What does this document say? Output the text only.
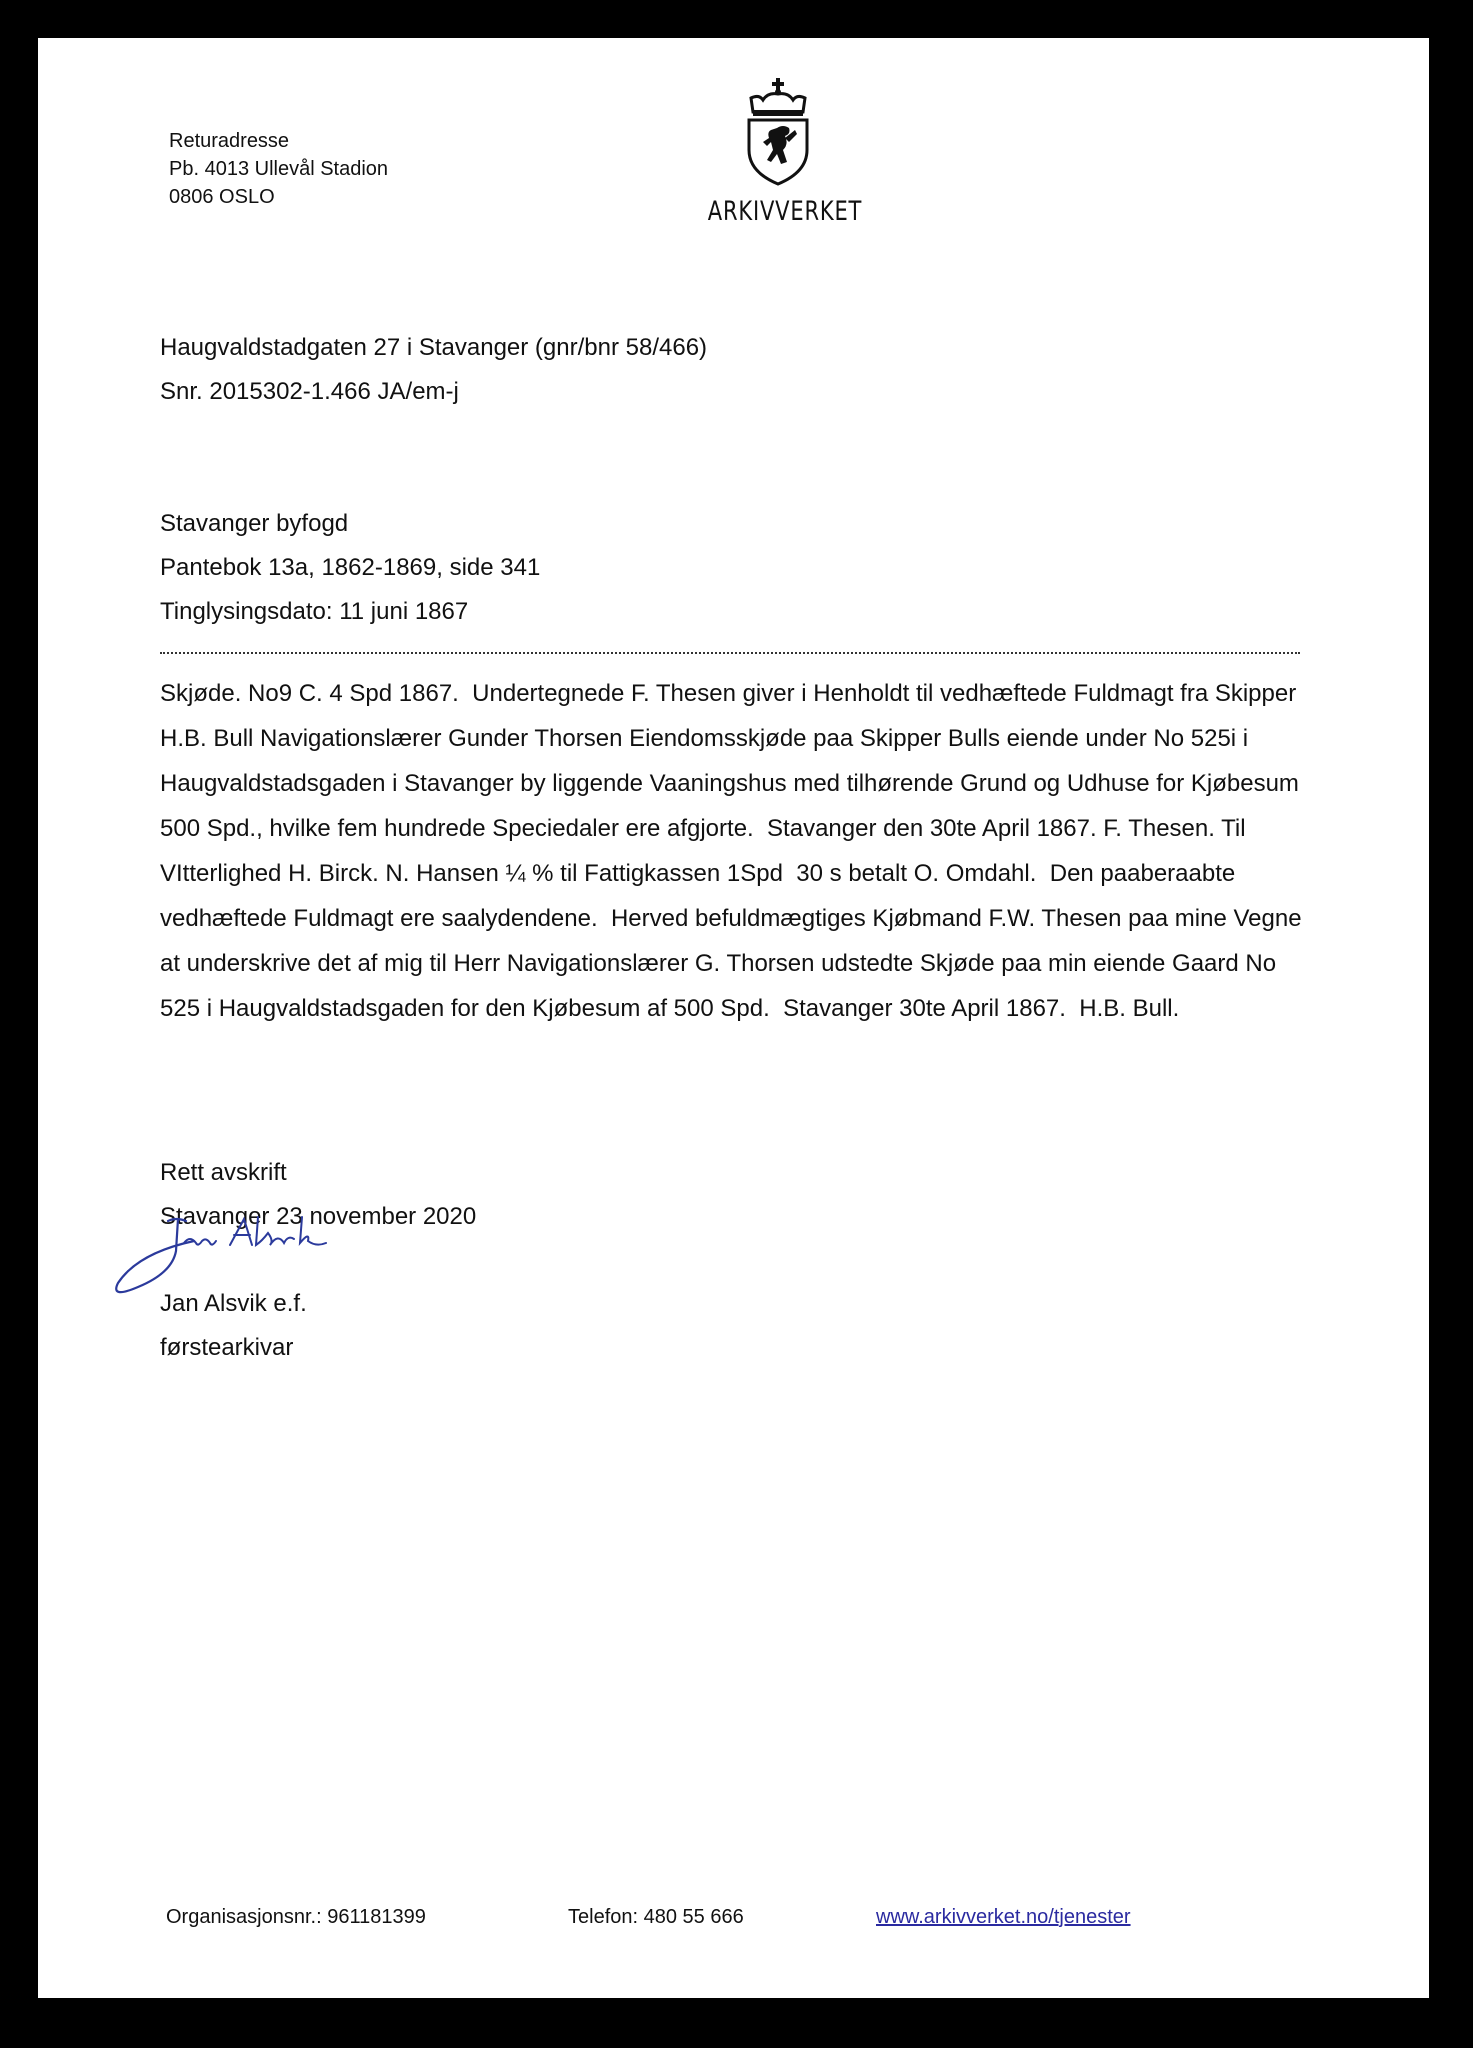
Returadresse
Pb. 4013 Ullevål Stadion
0806 OSLO	ARKIVVERKET
Haugvaldstadgaten 27 i Stavanger (gnr/bnr 58/466)
Snr. 2015302-1.466 JA/em-j
Stavanger byfogd
Pantebok 13a, 1862-1869, side 341
Tinglysingsdato: 11 juni 1867
Skjøde. No9 C. 4 Spd 1867.  Undertegnede F. Thesen giver i Henholdt til vedhæftede Fuldmagt fra Skipper
H.B. Bull Navigationslærer Gunder Thorsen Eiendomsskjøde paa Skipper Bulls eiende under No 525i i
Haugvaldstadsgaden i Stavanger by liggende Vaaningshus med tilhørende Grund og Udhuse for Kjøbesum
500 Spd., hvilke fem hundrede Speciedaler ere afgjorte.  Stavanger den 30te April 1867. F. Thesen. Til
VItterlighed H. Birck. N. Hansen ¼ % til Fattigkassen 1Spd  30 s betalt O. Omdahl.  Den paaberaabte
vedhæftede Fuldmagt ere saalydendene.  Herved befuldmægtiges Kjøbmand F.W. Thesen paa mine Vegne
at underskrive det af mig til Herr Navigationslærer G. Thorsen udstedte Skjøde paa min eiende Gaard No
525 i Haugvaldstadsgaden for den Kjøbesum af 500 Spd.  Stavanger 30te April 1867.  H.B. Bull.
Rett avskrift
Stavanger 23 november 2020
Jan Alsvik e.f.
førstearkivar
Organisasjonsnr.: 961181399	Telefon: 480 55 666	www.arkivverket.no/tjenester
